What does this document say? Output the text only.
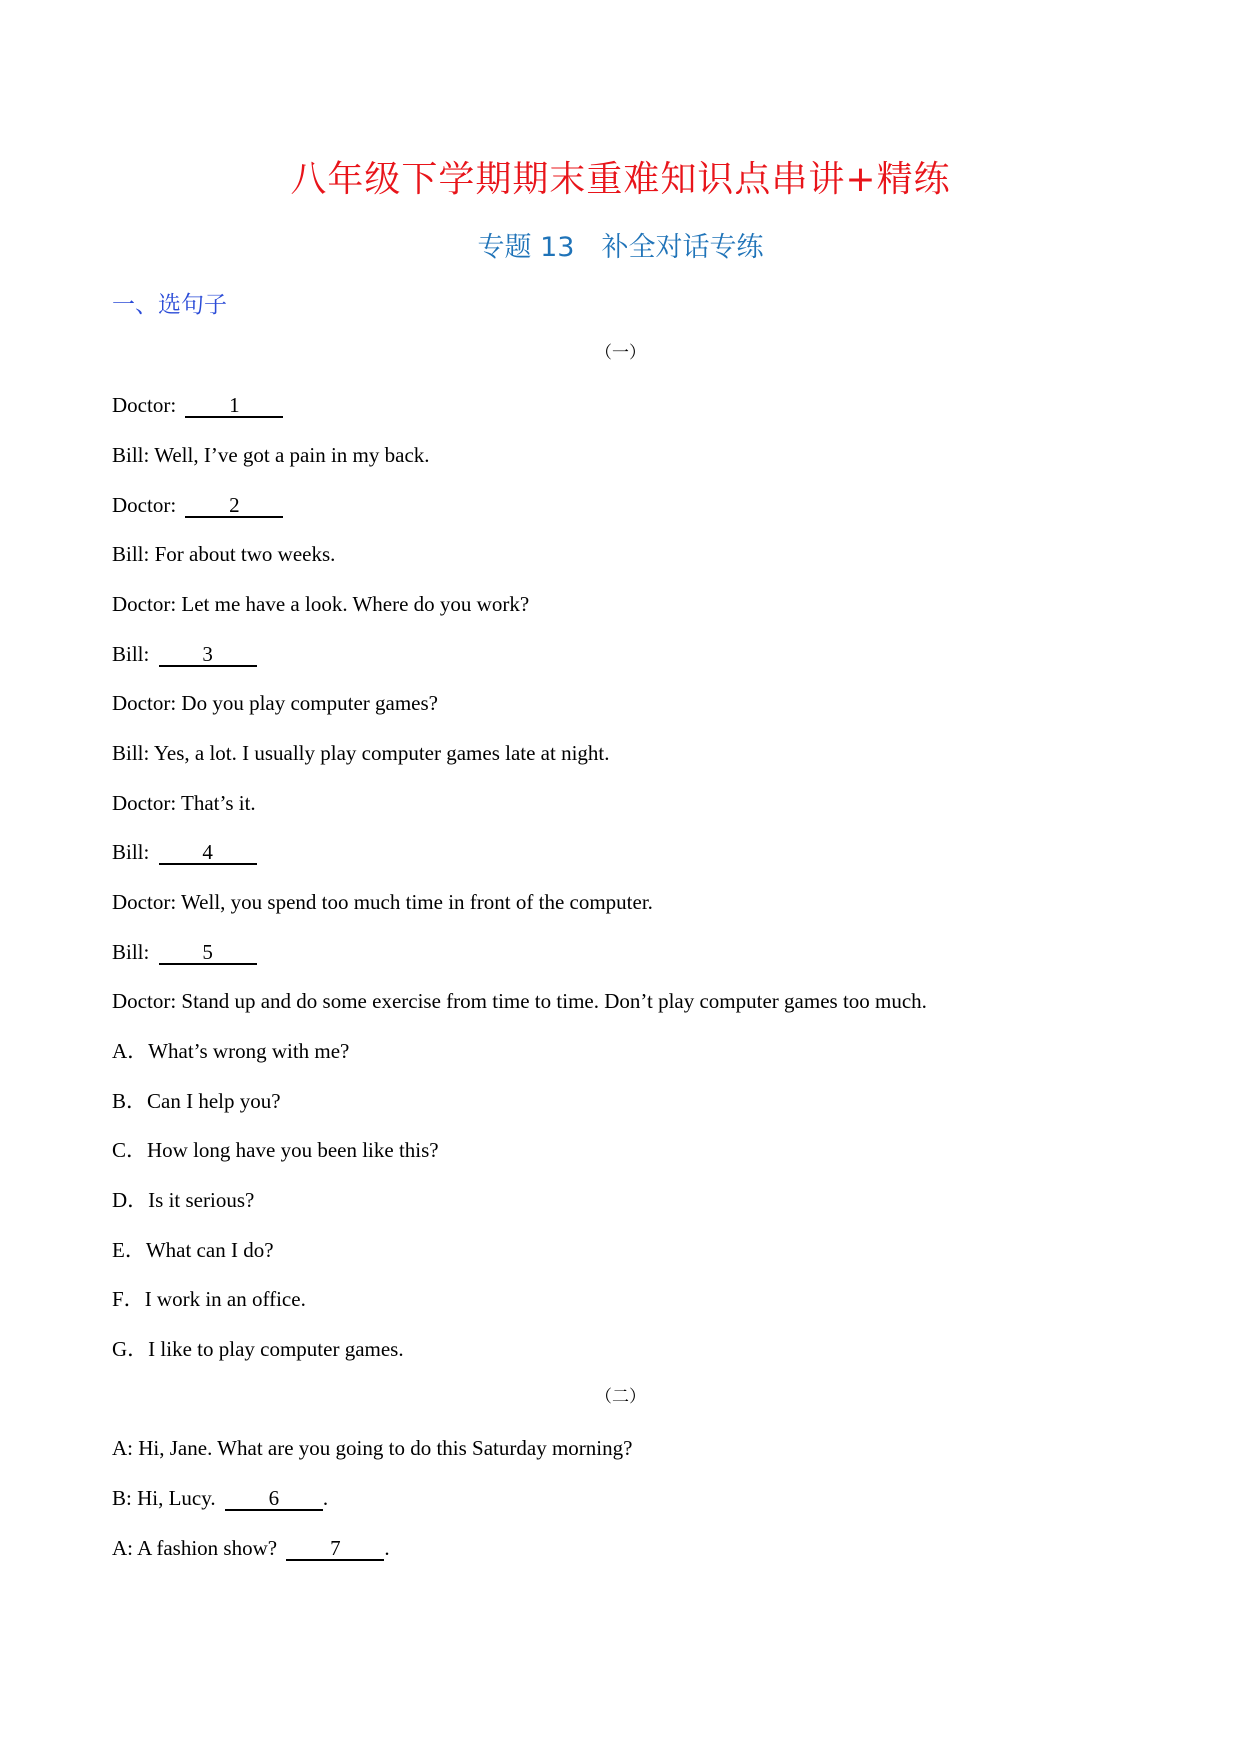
八年级下学期期末重难知识点串讲+精练
专题 13　补全对话专练
一、选句子
（一）
Doctor:	1
Bill: Well, I’ve got a pain in my back.
Doctor:	2
Bill: For about two weeks.
Doctor: Let me have a look. Where do you work?
Bill:	3
Doctor: Do you play computer games?
Bill: Yes, a lot. I usually play computer games late at night.
Doctor: That’s it.
Bill:	4
Doctor: Well, you spend too much time in front of the computer.
Bill:	5
Doctor: Stand up and do some exercise from time to time. Don’t play computer games too much.
A．What’s wrong with me?
B．Can I help you?
C．How long have you been like this?
D．Is it serious?
E．What can I do?
F．I work in an office.
G．I like to play computer games.
（二）
A: Hi, Jane. What are you going to do this Saturday morning?
B: Hi, Lucy.	6 .
A: A fashion show?	7 .
